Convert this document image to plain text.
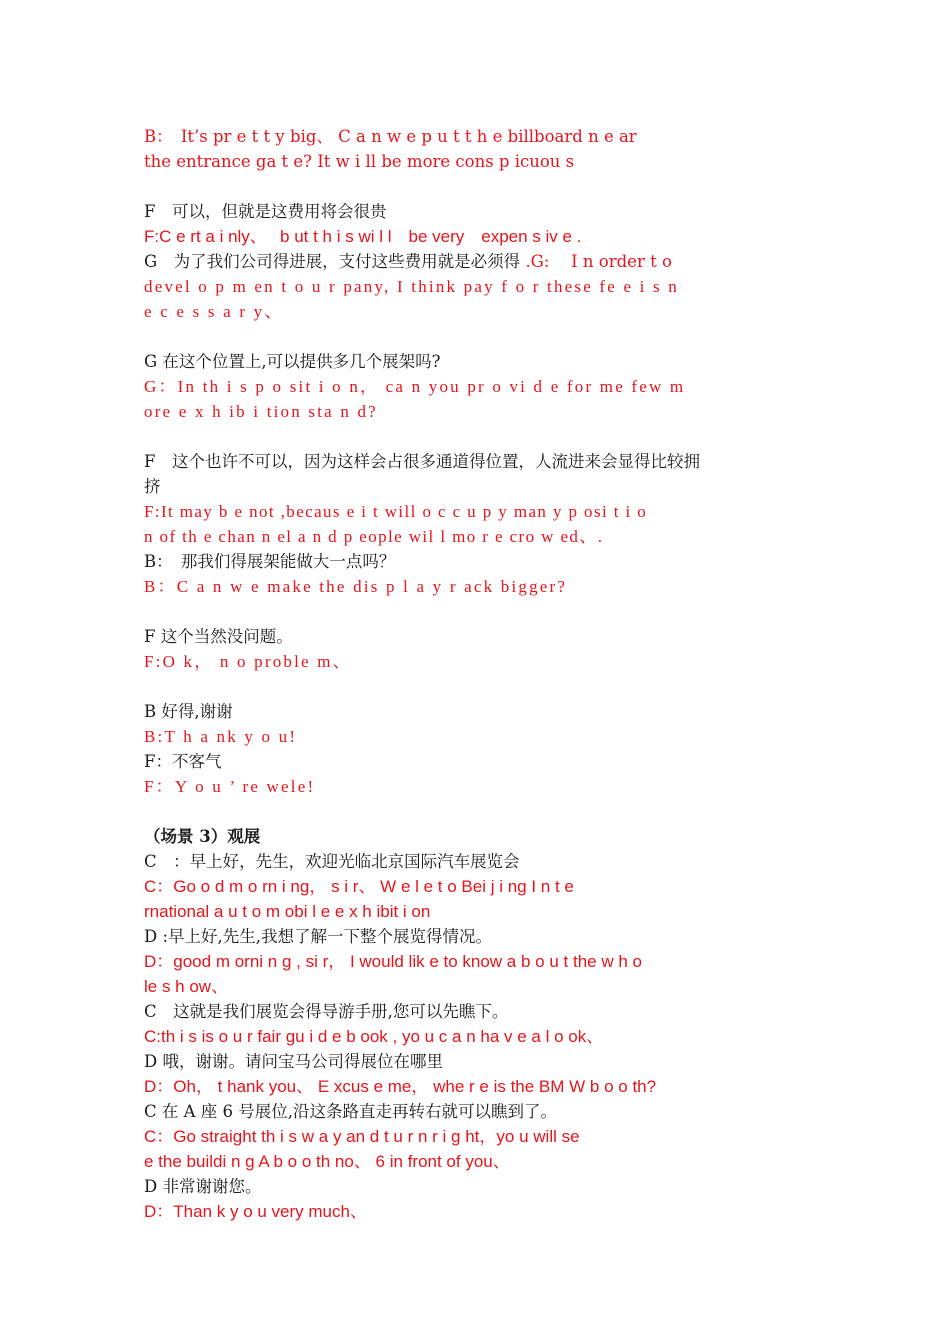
B：　It’s pr e t t y big、 C a n w e p u t t h e billboard n e ar
the entrance ga t e? It w i ll be more cons p icuou s
F　可以，但就是这费用将会很贵
F:C e rt a i nly、　 b ut t h i s wi l l　be very　expen s iv e .
G　为了我们公司得进展，支付这些费用就是必须得 .G:　 I n order t o
devel o p m en t o u r pany, I think pay f o r these fe e i s n
e c e s s a r y、
G 在这个位置上,可以提供多几个展架吗?
G：In th i s p o sit i o n， ca n you pr o vi d e for me few m
ore e x h ib i tion sta n d?
F　这个也许不可以，因为这样会占很多通道得位置，人流进来会显得比较拥
挤
F:It may b e not ,becaus e i t will o c c u p y man y p osi t i o
n of th e chan n el a n d p eople wil l mo r e cro w ed、.
B：　那我们得展架能做大一点吗？
B：C a n w e make the dis p l a y r ack bigger?
F 这个当然没问题。
F:O k， n o proble m、
B 好得,谢谢
B:T h a nk y o u!
F：不客气
F：Y o u ’ re wele!
（场景 3）观展
C　：早上好，先生，欢迎光临北京国际汽车展览会
C：Go o d m o rn i ng， s i r、 W e l e t o Bei j i ng I n t e
rnational a u t o m obi l e e x h ibit i on
D :早上好,先生,我想了解一下整个展览得情况。
D：good m orni n g , si r， I would lik e to know a b o u t the w h o
le s h ow、
C　这就是我们展览会得导游手册,您可以先瞧下。
C:th i s is o u r fair gu i d e b ook , yo u c a n ha v e a l o ok、
D 哦，谢谢。请问宝马公司得展位在哪里
D：Oh， t hank you、 E xcus e me， whe r e is the BM W b o o th?
C 在 A 座 6 号展位,沿这条路直走再转右就可以瞧到了。
C：Go straight th i s w a y an d t u r n r i g ht，yo u will se
e the buildi n g A b o o th no、 6 in front of you、
D 非常谢谢您。
D：Than k y o u very much、
